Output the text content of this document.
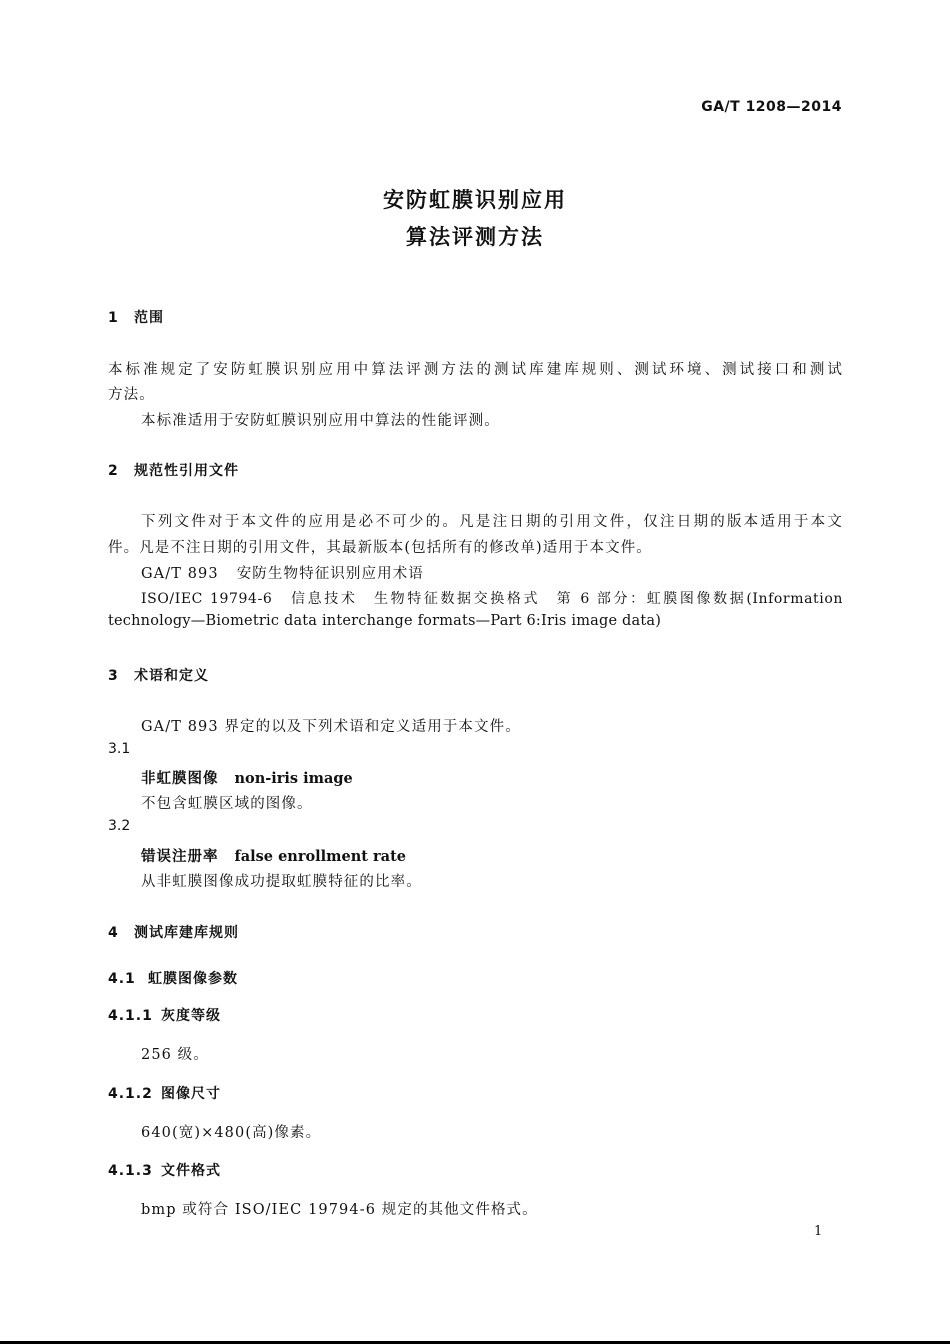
GA/T 1208—2014
安防虹膜识别应用
算法评测方法
1 范围
本标准规定了安防虹膜识别应用中算法评测方法的测试库建库规则、测试环境、测试接口和测试
方法。
本标准适用于安防虹膜识别应用中算法的性能评测。
2 规范性引用文件
下列文件对于本文件的应用是必不可少的。凡是注日期的引用文件，仅注日期的版本适用于本文
件。凡是不注日期的引用文件，其最新版本(包括所有的修改单)适用于本文件。
GA/T 893 安防生物特征识别应用术语
ISO/IEC 19794-6　信息技术　生物特征数据交换格式　第 6 部分：虹膜图像数据(Information
technology—Biometric data interchange formats—Part 6:Iris image data)
3 术语和定义
GA/T 893 界定的以及下列术语和定义适用于本文件。
3.1
非虹膜图像 non-iris image
不包含虹膜区域的图像。
3.2
错误注册率 false enrollment rate
从非虹膜图像成功提取虹膜特征的比率。
4 测试库建库规则
4.1 虹膜图像参数
4.1.1 灰度等级
256 级。
4.1.2 图像尺寸
640(宽)×480(高)像素。
4.1.3 文件格式
bmp 或符合 ISO/IEC 19794-6 规定的其他文件格式。
1
